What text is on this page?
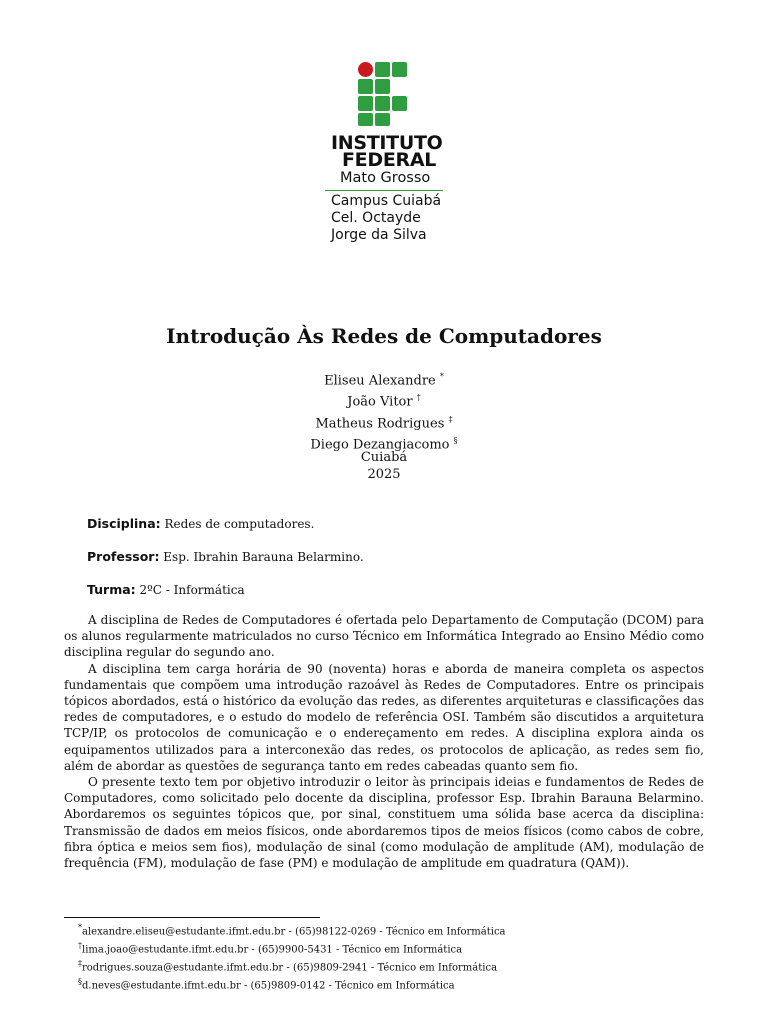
INSTITUTO
FEDERAL
Mato Grosso
Campus Cuiabá
Cel. Octayde
Jorge da Silva
Introdução Às Redes de Computadores
Eliseu Alexandre *
João Vitor †
Matheus Rodrigues ‡
Diego Dezangiacomo §
Cuiabá
2025
Disciplina: Redes de computadores.
Professor: Esp. Ibrahin Barauna Belarmino.
Turma: 2ºC - Informática

A disciplina de Redes de Computadores é ofertada pelo Departamento de Computação (DCOM) para os alunos regularmente matriculados no curso Técnico em Informática Integrado ao Ensino Médio como disciplina regular do segundo ano.

A disciplina tem carga horária de 90 (noventa) horas e aborda de maneira completa os aspectos fundamentais que compõem uma introdução razoável às Redes de Computadores. Entre os principais tópicos abordados, está o histórico da evolução das redes, as diferentes arquiteturas e classificações das redes de computadores, e o estudo do modelo de referência OSI. Também são discutidos a arquitetura TCP/IP, os protocolos de comunicação e o endereçamento em redes. A disciplina explora ainda os equipamentos utilizados para a interconexão das redes, os protocolos de aplicação, as redes sem fio, além de abordar as questões de segurança tanto em redes cabeadas quanto sem fio.

O presente texto tem por objetivo introduzir o leitor às principais ideias e fundamentos de Redes de Computadores, como solicitado pelo docente da disciplina, professor Esp. Ibrahin Barauna Belarmino. Abordaremos os seguintes tópicos que, por sinal, constituem uma sólida base acerca da disciplina: Transmissão de dados em meios físicos, onde abordaremos tipos de meios físicos (como cabos de cobre, fibra óptica e meios sem fios), modulação de sinal (como modulação de amplitude (AM), modulação de frequência (FM), modulação de fase (PM) e modulação de amplitude em quadratura (QAM)).

*alexandre.eliseu@estudante.ifmt.edu.br - (65)98122-0269 - Técnico em Informática
†lima.joao@estudante.ifmt.edu.br - (65)9900-5431 - Técnico em Informática
‡rodrigues.souza@estudante.ifmt.edu.br - (65)9809-2941 - Técnico em Informática
§d.neves@estudante.ifmt.edu.br - (65)9809-0142 - Técnico em Informática
